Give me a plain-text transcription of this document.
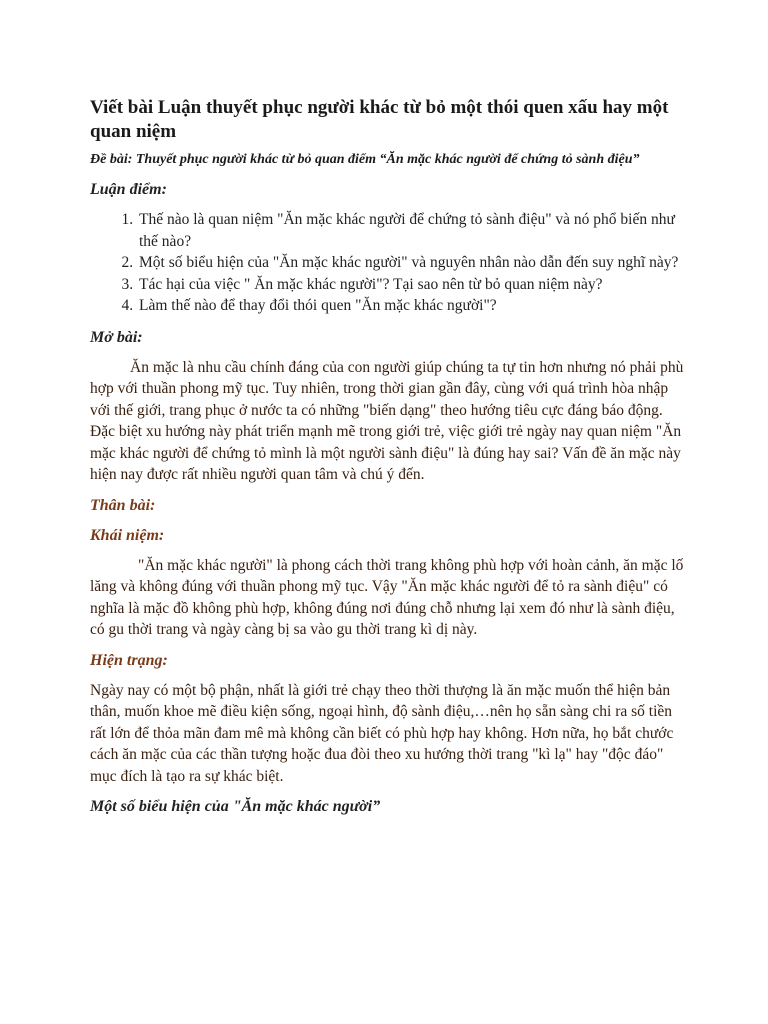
Viết bài Luận thuyết phục người khác từ bỏ một thói quen xấu hay một quan niệm

Đề bài: Thuyết phục người khác từ bỏ quan điểm “Ăn mặc khác người để chứng tỏ sành điệu”

Luận điểm:
1. Thế nào là quan niệm "Ăn mặc khác người để chứng tỏ sành điệu" và nó phổ biến như thế nào?
2. Một số biểu hiện của "Ăn mặc khác người" và nguyên nhân nào dẫn đến suy nghĩ này?
3. Tác hại của việc " Ăn mặc khác người"? Tại sao nên từ bỏ quan niệm này?
4. Làm thế nào để thay đổi thói quen "Ăn mặc khác người"?
Mở bài:

Ăn mặc là nhu cầu chính đáng của con người giúp chúng ta tự tin hơn nhưng nó phải phù hợp với thuần phong mỹ tục. Tuy nhiên, trong thời gian gần đây, cùng với quá trình hòa nhập với thế giới, trang phục ở nước ta có những "biến dạng" theo hướng tiêu cực đáng báo động. Đặc biệt xu hướng này phát triển mạnh mẽ trong giới trẻ, việc giới trẻ ngày nay quan niệm "Ăn mặc khác người để chứng tỏ mình là một người sành điệu" là đúng hay sai? Vấn đề ăn mặc này hiện nay được rất nhiều người quan tâm và chú ý đến.

Thân bài:
Khái niệm:

"Ăn mặc khác người" là phong cách thời trang không phù hợp với hoàn cảnh, ăn mặc lố lăng và không đúng với thuần phong mỹ tục. Vậy "Ăn mặc khác người để tỏ ra sành điệu" có nghĩa là mặc đồ không phù hợp, không đúng nơi đúng chỗ nhưng lại xem đó như là sành điệu, có gu thời trang và ngày càng bị sa vào gu thời trang kì dị này.

Hiện trạng:

Ngày nay có một bộ phận, nhất là giới trẻ chạy theo thời thượng là ăn mặc muốn thể hiện bản thân, muốn khoe mẽ điều kiện sống, ngoại hình, độ sành điệu,…nên họ sẵn sàng chi ra số tiền rất lớn để thỏa mãn đam mê mà không cần biết có phù hợp hay không. Hơn nữa, họ bắt chước cách ăn mặc của các thần tượng hoặc đua đòi theo xu hướng thời trang "kì lạ" hay "độc đáo" mục đích là tạo ra sự khác biệt.

Một số biểu hiện của "Ăn mặc khác người”
